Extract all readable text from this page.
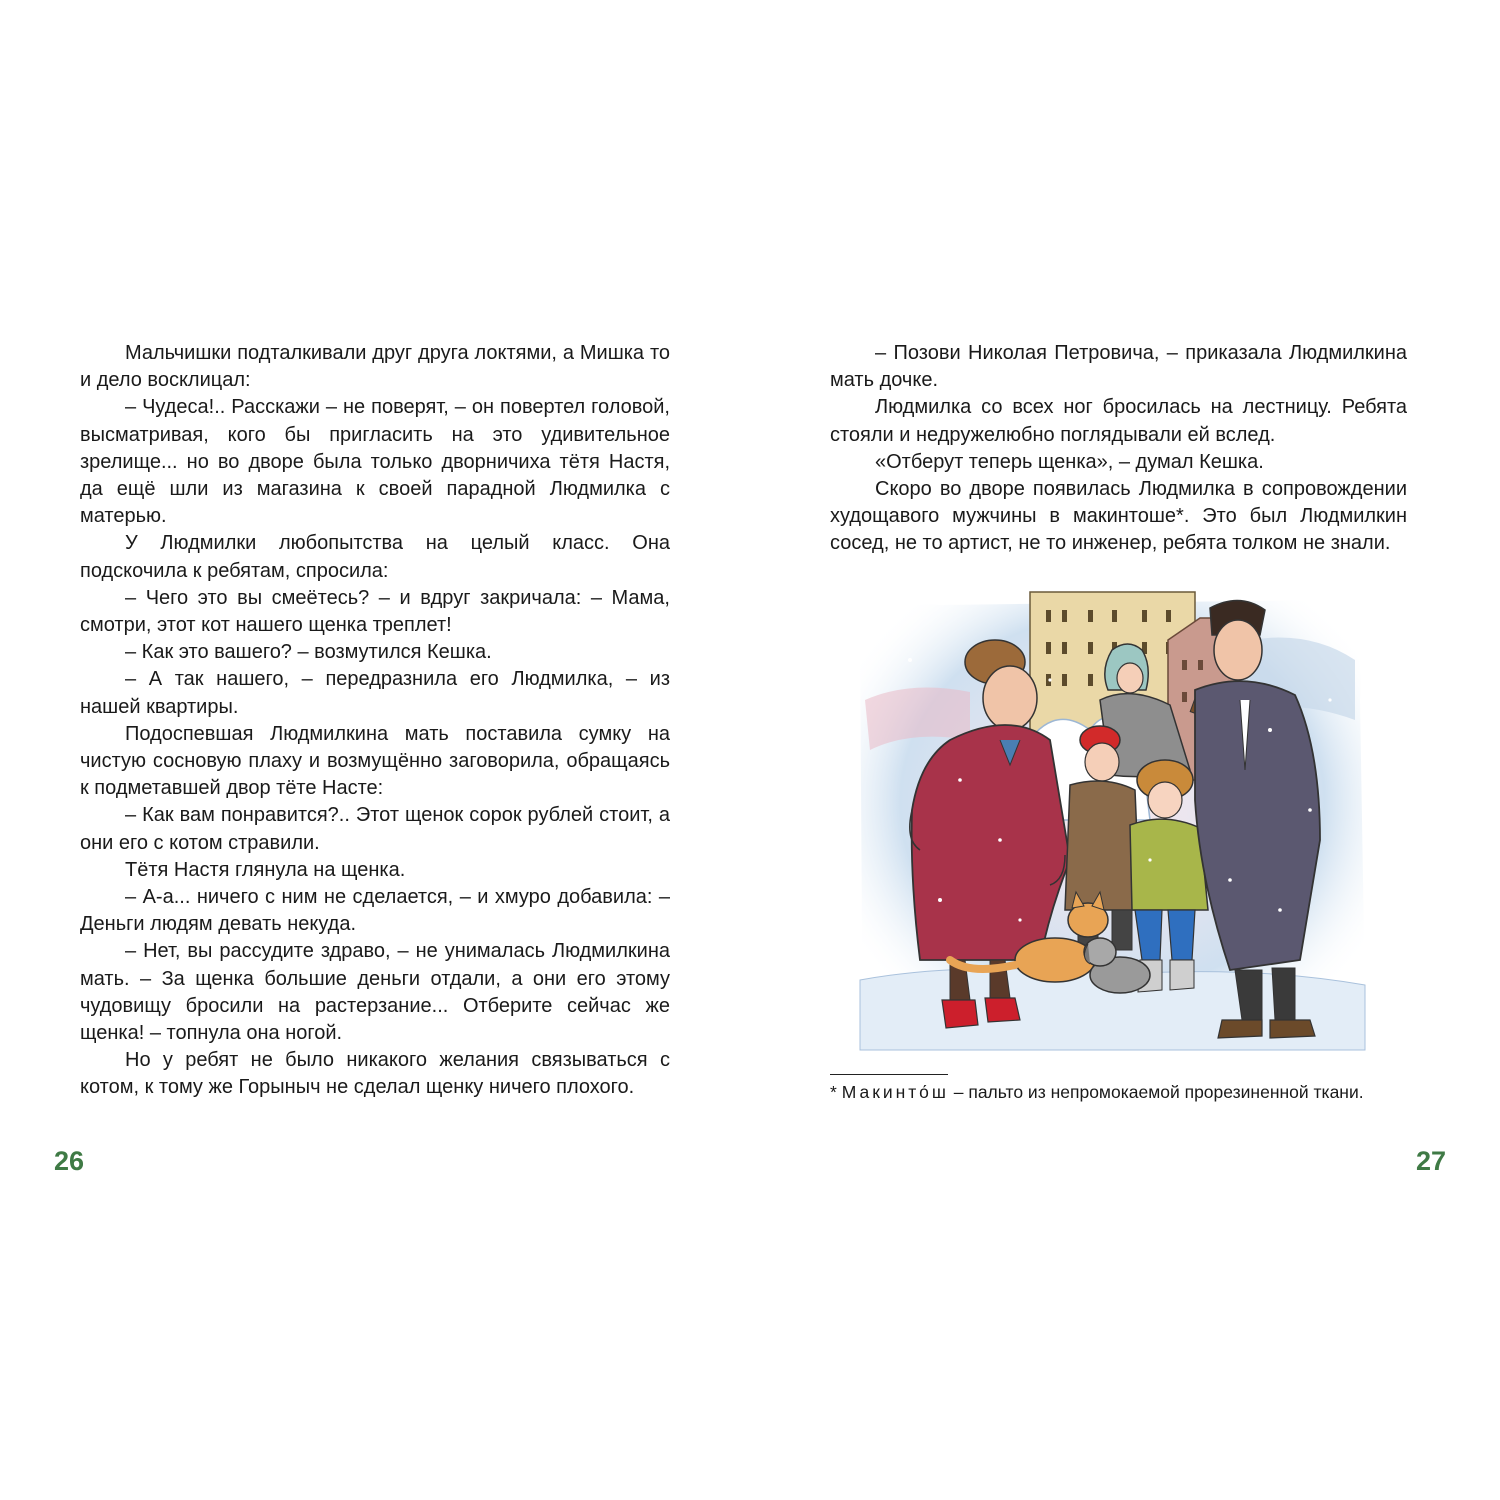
Мальчишки подталкивали друг друга локтями, а Мишка то и дело восклицал:

– Чудеса!.. Расскажи – не поверят, – он повертел головой, высматривая, кого бы пригласить на это удивительное зрелище... но во дворе была только дворничиха тётя Настя, да ещё шли из магазина к своей парадной Людмилка с матерью.

У Людмилки любопытства на целый класс. Она подскочила к ребятам, спросила:

– Чего это вы смеётесь? – и вдруг закричала: – Мама, смотри, этот кот нашего щенка треплет!

– Как это вашего? – возмутился Кешка.

– А так нашего, – передразнила его Людмилка, – из нашей квартиры.

Подоспевшая Людмилкина мать поставила сумку на чистую сосновую плаху и возмущённо заговорила, обращаясь к подметавшей двор тёте Насте:

– Как вам понравится?.. Этот щенок сорок рублей стоит, а они его с котом стравили.

Тётя Настя глянула на щенка.

– А-а... ничего с ним не сделается, – и хмуро добавила: – Деньги людям девать некуда.

– Нет, вы рассудите здраво, – не унималась Людмилкина мать. – За щенка большие деньги отдали, а они его этому чудовищу бросили на растерзание... Отберите сейчас же щенка! – топнула она ногой.

Но у ребят не было никакого желания связываться с котом, к тому же Горыныч не сделал щенку ничего плохого.

26

– Позови Николая Петровича, – приказала Людмилкина мать дочке.

Людмилка со всех ног бросилась на лестницу. Ребята стояли и недружелюбно поглядывали ей вслед.

«Отберут теперь щенка», – думал Кешка.

Скоро во дворе появилась Людмилка в сопровождении худощавого мужчины в макинтоше*. Это был Людмилкин сосед, не то артист, не то инженер, ребята толком не знали.

* Макинто́ш – пальто из непромокаемой прорезиненной ткани.
27
